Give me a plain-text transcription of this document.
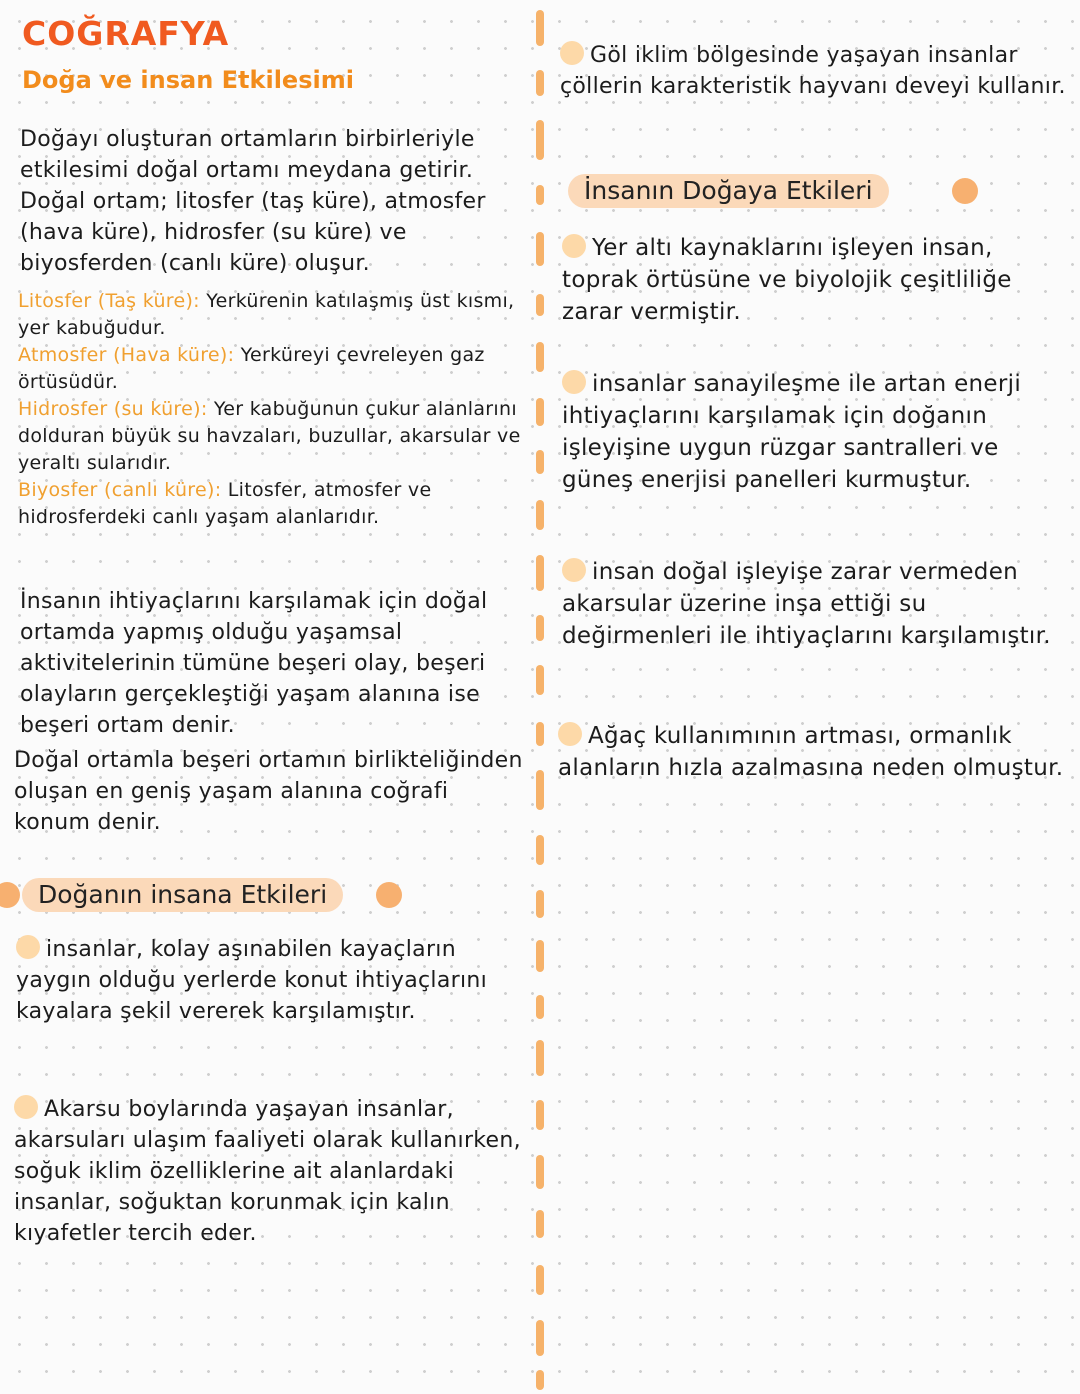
COĞRAFYA
Doğa ve insan Etkilesimi

Doğayı oluşturan ortamların birbirleriyle etkilesimi doğal ortamı meydana getirir. Doğal ortam; litosfer (taş küre), atmosfer (hava küre), hidrosfer (su küre) ve biyosferden (canlı küre) oluşur.

Litosfer (Taş küre): Yerkürenin katılaşmış üst kısmı, yer kabuğudur.

Atmosfer (Hava küre): Yerküreyi çevreleyen gaz örtüsüdür.

Hidrosfer (su küre): Yer kabuğunun çukur alanlarını dolduran büyük su havzaları, buzullar, akarsular ve yeraltı sularıdır.

Biyosfer (canlı küre): Litosfer, atmosfer ve hidrosferdeki canlı yaşam alanlarıdır.

İnsanın ihtiyaçlarını karşılamak için doğal ortamda yapmış olduğu yaşamsal aktivitelerinin tümüne beşeri olay, beşeri olayların gerçekleştiği yaşam alanına ise beşeri ortam denir.

Doğal ortamla beşeri ortamın birlikteliğinden oluşan en geniş yaşam alanına coğrafi konum denir.

Doğanın insana Etkileri

insanlar, kolay aşınabilen kayaçların yaygın olduğu yerlerde konut ihtiyaçlarını kayalara şekil vererek karşılamıştır.

Akarsu boylarında yaşayan insanlar, akarsuları ulaşım faaliyeti olarak kullanırken, soğuk iklim özelliklerine ait alanlardaki insanlar, soğuktan korunmak için kalın kıyafetler tercih eder.

Göl iklim bölgesinde yaşayan insanlar çöllerin karakteristik hayvanı deveyi kullanır.

İnsanın Doğaya Etkileri

Yer altı kaynaklarını işleyen insan, toprak örtüsüne ve biyolojik çeşitliliğe zarar vermiştir.

insanlar sanayileşme ile artan enerji ihtiyaçlarını karşılamak için doğanın işleyişine uygun rüzgar santralleri ve güneş enerjisi panelleri kurmuştur.

insan doğal işleyişe zarar vermeden akarsular üzerine inşa ettiği su değirmenleri ile ihtiyaçlarını karşılamıştır.

Ağaç kullanımının artması, ormanlık alanların hızla azalmasına neden olmuştur.
